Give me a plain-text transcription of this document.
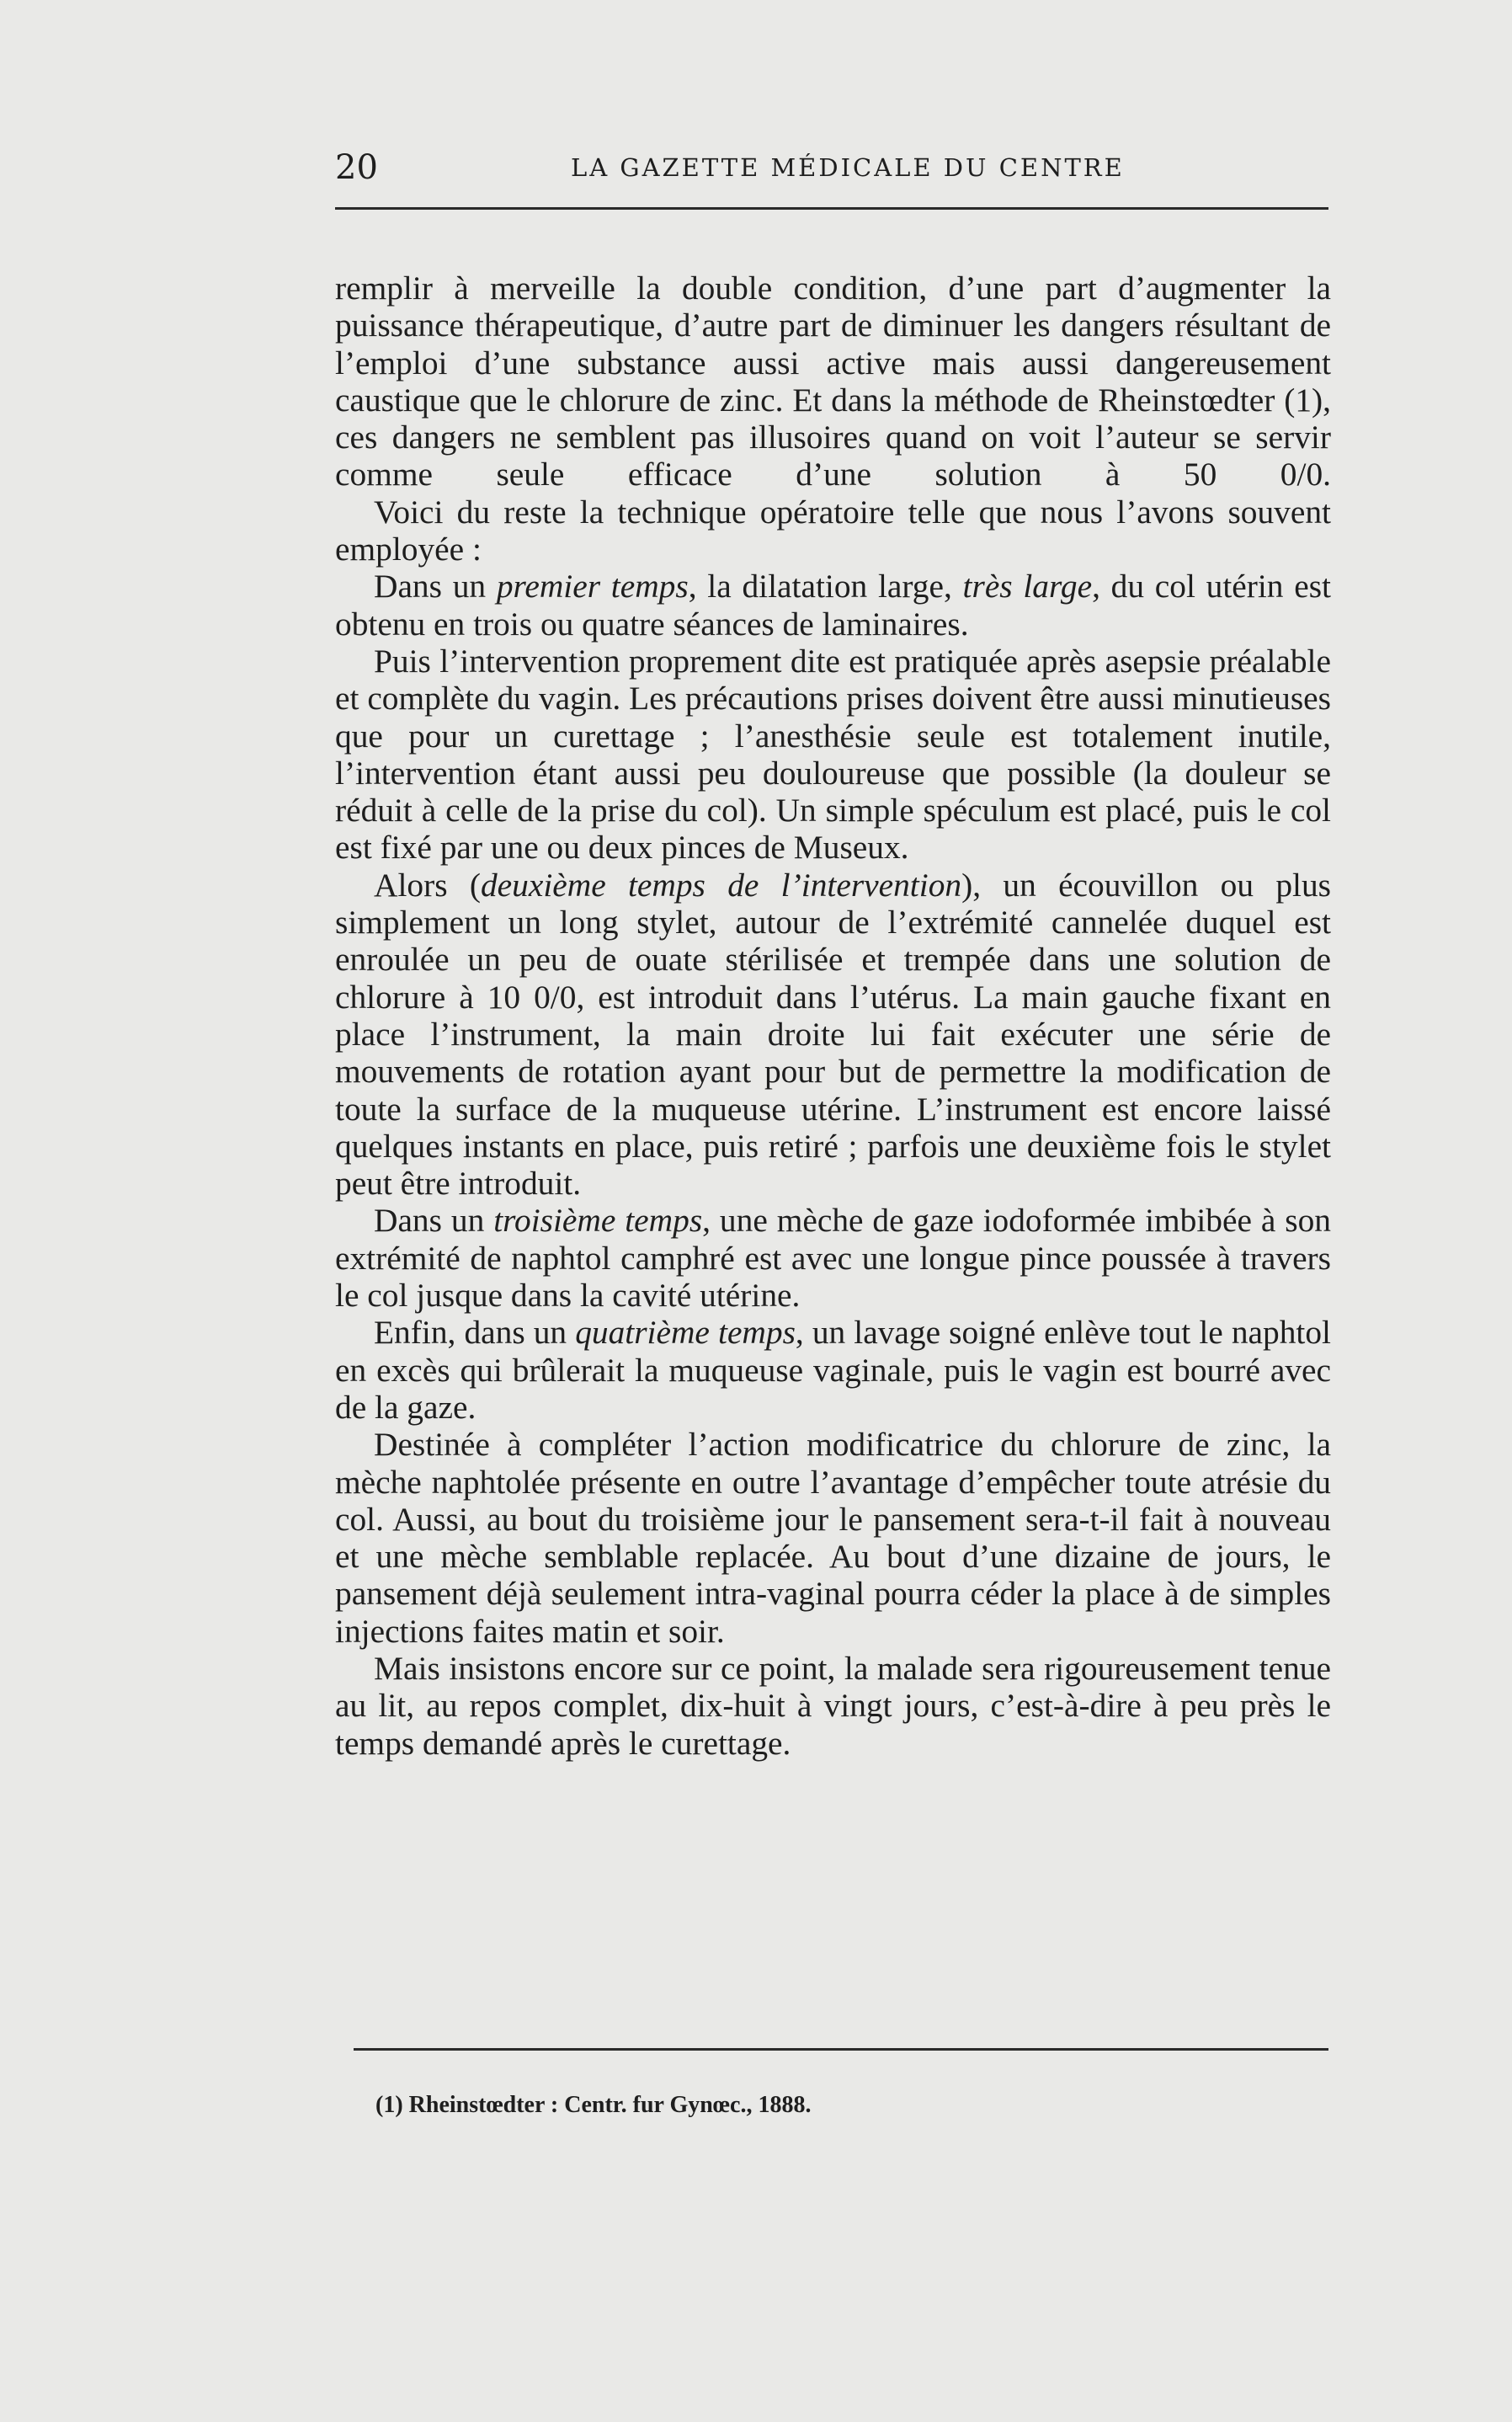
20	LA GAZETTE MÉDICALE DU CENTRE

remplir à merveille la double condition, d’une part d’augmenter la puissance thérapeutique, d’autre part de diminuer les dangers résultant de l’emploi d’une substance aussi active mais aussi dangereusement caustique que le chlorure de zinc. Et dans la méthode de Rheinstœdter (1), ces dangers ne semblent pas illusoires quand on voit l’auteur se servir comme seule efficace d’une solution à 50 0/0.

Voici du reste la technique opératoire telle que nous l’avons souvent employée :

Dans un premier temps, la dilatation large, très large, du col utérin est obtenu en trois ou quatre séances de laminaires.

Puis l’intervention proprement dite est pratiquée après asepsie préalable et complète du vagin. Les précautions prises doivent être aussi minutieuses que pour un curettage ; l’anesthésie seule est totalement inutile, l’intervention étant aussi peu douloureuse que possible (la douleur se réduit à celle de la prise du col). Un simple spéculum est placé, puis le col est fixé par une ou deux pinces de Museux.

Alors (deuxième temps de l’intervention), un écouvillon ou plus simplement un long stylet, autour de l’extrémité cannelée duquel est enroulée un peu de ouate stérilisée et trempée dans une solution de chlorure à 10 0/0, est introduit dans l’utérus. La main gauche fixant en place l’instrument, la main droite lui fait exécuter une série de mouvements de rotation ayant pour but de permettre la modification de toute la surface de la muqueuse utérine. L’instrument est encore laissé quelques instants en place, puis retiré ; parfois une deuxième fois le stylet peut être introduit.

Dans un troisième temps, une mèche de gaze iodoformée imbibée à son extrémité de naphtol camphré est avec une longue pince poussée à travers le col jusque dans la cavité utérine.

Enfin, dans un quatrième temps, un lavage soigné enlève tout le naphtol en excès qui brûlerait la muqueuse vaginale, puis le vagin est bourré avec de la gaze.

Destinée à compléter l’action modificatrice du chlorure de zinc, la mèche naphtolée présente en outre l’avantage d’empêcher toute atrésie du col. Aussi, au bout du troisième jour le pansement sera-t-il fait à nouveau et une mèche semblable replacée. Au bout d’une dizaine de jours, le pansement déjà seulement intra-vaginal pourra céder la place à de simples injections faites matin et soir.

Mais insistons encore sur ce point, la malade sera rigoureusement tenue au lit, au repos complet, dix-huit à vingt jours, c’est-à-dire à peu près le temps demandé après le curettage.

(1) Rheinstœdter : Centr. fur Gynœc., 1888.
